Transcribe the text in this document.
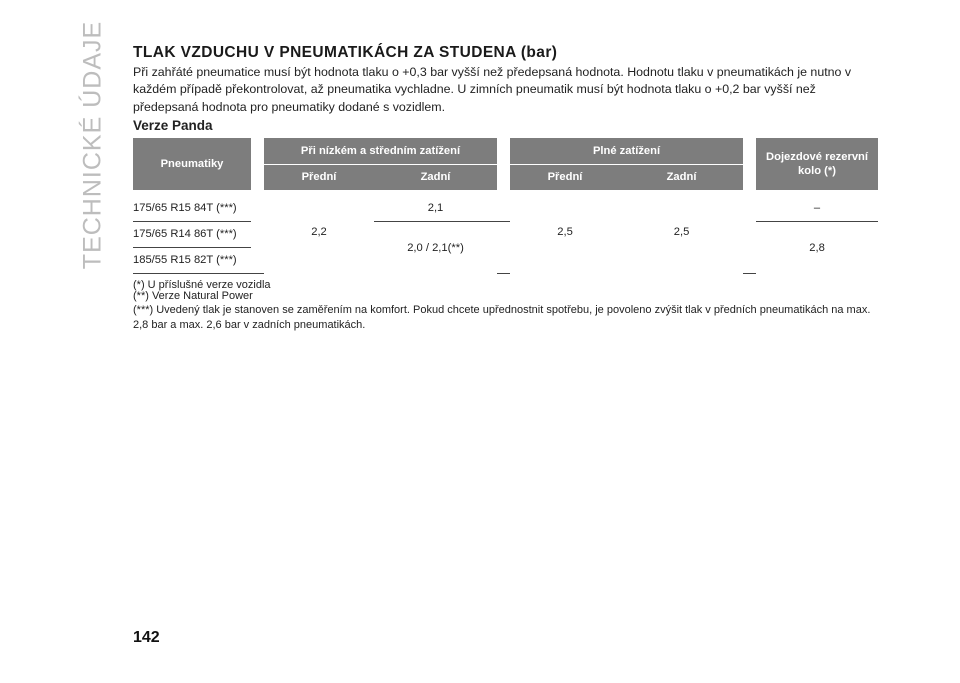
TECHNICKÉ ÚDAJE TLAK VZDUCHU V PNEUMATIKÁCH ZA STUDENA (bar)

Při zahřáté pneumatice musí být hodnota tlaku o +0,3 bar vyšší než předepsaná hodnota. Hodnotu tlaku v pneumatikách je nutno v každém případě překontrolovat, až pneumatika vychladne. U zimních pneumatik musí být hodnota tlaku o +0,2 bar vyšší než předepsaná hodnota pro pneumatiky dodané s vozidlem.

Verze Panda
Pneumatiky		Při nízkém a středním zatížení			Plné zatížení			Dojezdové rezervní kolo (*)
		Přední	Zadní		Přední	Zadní		
175/65 R15 84T (***)		2,2	2,1		2,5	2,5		–
175/65 R14 86T (***)			2,0 / 2,1(**)					2,8
185/55 R15 82T (***)								
(*) U příslušné verze vozidla
(**) Verze Natural Power
(***) Uvedený tlak je stanoven se zaměřením na komfort. Pokud chcete upřednostnit spotřebu, je povoleno zvýšit tlak v předních pneumatikách na max. 2,8 bar a max. 2,6 bar v zadních pneumatikách.
142
